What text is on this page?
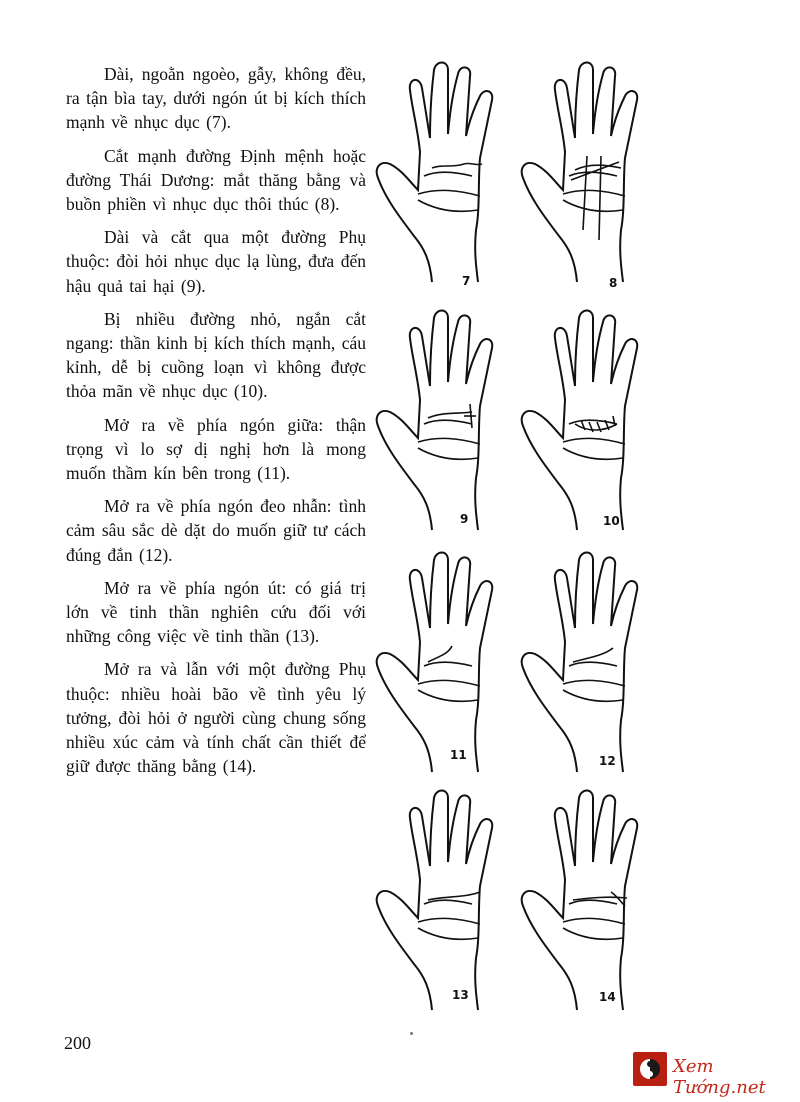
Dài, ngoằn ngoèo, gẫy, không đều, ra tận bìa tay, dưới ngón út bị kích thích mạnh về nhục dục (7).

Cắt mạnh đường Định mệnh hoặc đường Thái Dương: mắt thăng bằng và buồn phiền vì nhục dục thôi thúc (8).

Dài và cắt qua một đường Phụ thuộc: đòi hỏi nhục dục lạ lùng, đưa đến hậu quả tai hại (9).

Bị nhiều đường nhỏ, ngắn cắt ngang: thần kinh bị kích thích mạnh, cáu kỉnh, dễ bị cuồng loạn vì không được thỏa mãn về nhục dục (10).

Mở ra về phía ngón giữa: thận trọng vì lo sợ dị nghị hơn là mong muốn thầm kín bên trong (11).

Mở ra về phía ngón đeo nhẫn: tình cảm sâu sắc dè dặt do muốn giữ tư cách đúng đắn (12).

Mở ra về phía ngón út: có giá trị lớn về tinh thần nghiên cứu đối với những công việc về tinh thần (13).

Mở ra và lẫn với một đường Phụ thuộc: nhiều hoài bão về tình yêu lý tưởng, đòi hỏi ở người cùng chung sống nhiều xúc cảm và tính chất cần thiết để giữ được thăng bằng (14).

7	8
9	10
11	12
13	14
200
Xem Tướng.net
